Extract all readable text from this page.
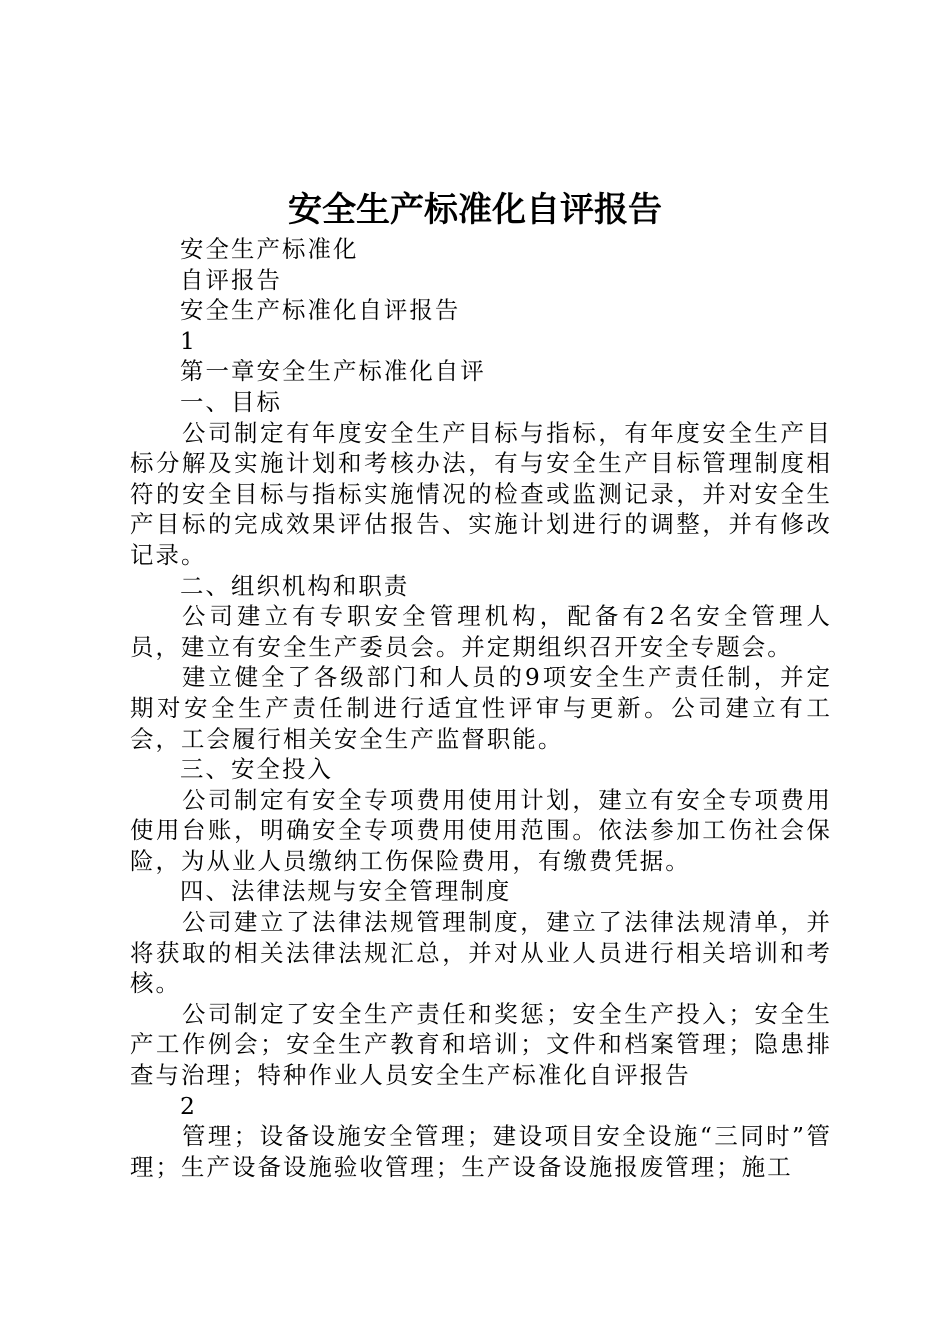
安全生产标准化自评报告

安全生产标准化

自评报告

安全生产标准化自评报告

1

第一章安全生产标准化自评

一、目标

公司制定有年度安全生产目标与指标，有年度安全生产目标分解及实施计划和考核办法，有与安全生产目标管理制度相符的安全目标与指标实施情况的检查或监测记录，并对安全生产目标的完成效果评估报告、实施计划进行的调整，并有修改记录。

二、组织机构和职责

公司建立有专职安全管理机构，配备有2名安全管理人员，建立有安全生产委员会。并定期组织召开安全专题会。

建立健全了各级部门和人员的9项安全生产责任制，并定期对安全生产责任制进行适宜性评审与更新。公司建立有工会，工会履行相关安全生产监督职能。

三、安全投入

公司制定有安全专项费用使用计划，建立有安全专项费用使用台账，明确安全专项费用使用范围。依法参加工伤社会保险，为从业人员缴纳工伤保险费用，有缴费凭据。

四、法律法规与安全管理制度

公司建立了法律法规管理制度，建立了法律法规清单，并将获取的相关法律法规汇总，并对从业人员进行相关培训和考核。

公司制定了安全生产责任和奖惩；安全生产投入；安全生产工作例会；安全生产教育和培训；文件和档案管理；隐患排查与治理；特种作业人员安全生产标准化自评报告

2

管理；设备设施安全管理；建设项目安全设施“三同时”管理；生产设备设施验收管理；生产设备设施报废管理；施工
